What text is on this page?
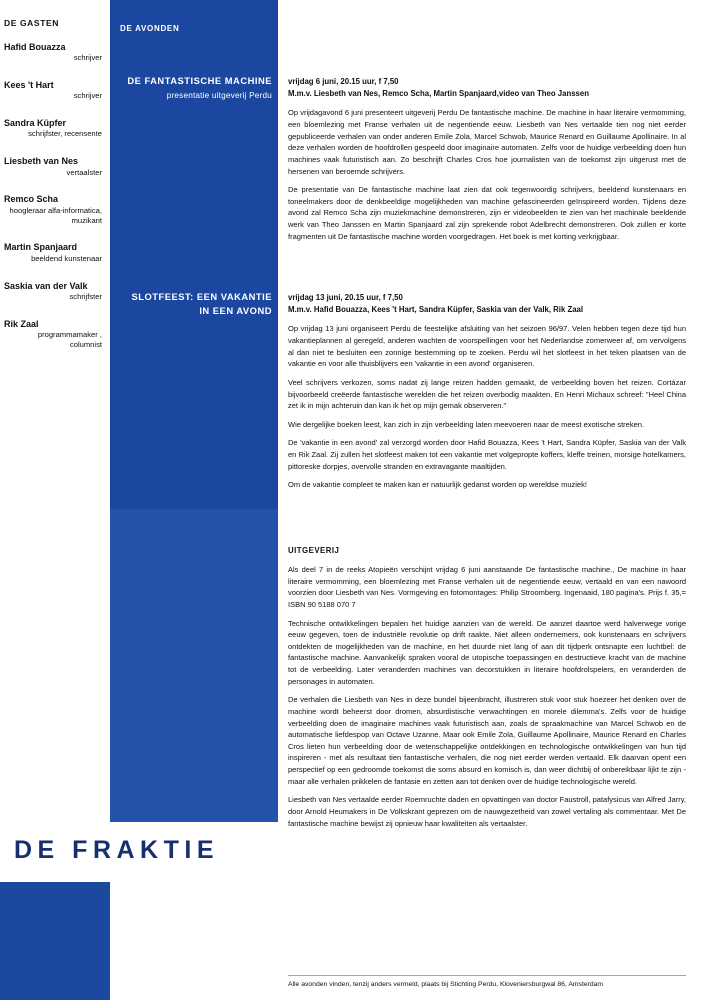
DE GASTEN
Hafid Bouazza
schrijver
Kees 't Hart
schrijver
Sandra Küpfer
schrijfster, recensente
Liesbeth van Nes
vertaalster
Remco Scha
hoogleraar alfa-informatica, muzikant
Martin Spanjaard
beeldend kunstenaar
Saskia van der Valk
schrijfster
Rik Zaal
programmamaker , columnist
DE AVONDEN
DE FANTASTISCHE MACHINE
presentatie uitgeverij Perdu
SLOTFEEST: EEN VAKANTIE IN EEN AVOND
DE FRAKTIE
vrijdag 6 juni, 20.15 uur, f 7,50
M.m.v. Liesbeth van Nes, Remco Scha, Martin Spanjaard,video van Theo Janssen

Op vrijdagavond 6 juni presenteert uitgeverij Perdu De fantastische machine. De machine in haar literaire vermomming, een bloemlezing met Franse verhalen uit de negentiende eeuw. Liesbeth van Nes vertaalde tien nog niet eerder gepubliceerde verhalen van onder anderen Emile Zola, Marcel Schwob, Maurice Renard en Guillaume Apollinaire. In al deze verhalen worden de hoofdrollen gespeeld door imaginaire automaten. Zelfs voor de huidige verbeelding doen hun machines vaak futuristisch aan. Zo beschrijft Charles Cros hoe journalisten van de toekomst zijn uitgerust met de hersenen van beroemde schrijvers.

De presentatie van De fantastische machine laat zien dat ook tegenwoordig schrijvers, beeldend kunstenaars en toneelmakers door de denkbeeldige mogelijkheden van machine gefascineerden geïnspireerd worden. Tijdens deze avond zal Remco Scha zijn muziekmachine demonstreren, zijn er videobeelden te zien van het machinale beeldende werk van Theo Janssen en Martin Spanjaard zal zijn sprekende robot Adelbrecht demonstreren. Ook zullen er korte fragmenten uit De fantastische machine worden voorgedragen. Het boek is met korting verkrijgbaar.

vrijdag 13 juni, 20.15 uur, f 7,50
M.m.v. Hafid Bouazza, Kees 't Hart, Sandra Küpfer, Saskia van der Valk, Rik Zaal

Op vrijdag 13 juni organiseert Perdu de feestelijke afsluiting van het seizoen 96/97. Velen hebben tegen deze tijd hun vakantieplannen al geregeld, anderen wachten de voorspellingen voor het Nederlandse zomerweer af, om vervolgens al dan niet te besluiten een zonnige bestemming op te zoeken. Perdu wil het slotfeest in het teken plaatsen van de vakantie en voor alle thuisblijvers een 'vakantie in een avond' organiseren.

Veel schrijvers verkozen, soms nadat zij lange reizen hadden gemaakt, de verbeelding boven het reizen. Cortázar bijvoorbeeld creëerde fantastische werelden die het reizen overbodig maakten. En Henri Michaux schreef: "Heel China zet ik in mijn achteruin dan kan ik het op mijn gemak observeren."

Wie dergelijke boeken leest, kan zich in zijn verbeelding laten meevoeren naar de meest exotische streken.

De 'vakantie in een avond' zal verzorgd worden door Hafid Bouazza, Kees 't Hart, Sandra Küpfer, Saskia van der Valk en Rik Zaal. Zij zullen het slotfeest maken tot een vakantie met volgepropte koffers, kleffe treinen, morsige hotelkamers, pittoreske dorpjes, overvolle stranden en extravagante maaltijden.

Om de vakantie compleet te maken kan er natuurlijk gedanst worden op wereldse muziek!

UITGEVERIJ

Als deel 7 in de reeks Atopieën verschijnt vrijdag 6 juni aanstaande De fantastische machine., De machine in haar literaire vermomming, een bloemlezing met Franse verhalen uit de negentiende eeuw, vertaald en van een nawoord voorzien door Liesbeth van Nes. Vormgeving en fotomontages: Philip Stroomberg. Ingenaaid, 180 pagina's. Prijs f. 35,= ISBN 90 5188 070 7

Technische ontwikkelingen bepalen het huidige aanzien van de wereld. De aanzet daartoe werd halverwege vorige eeuw gegeven, toen de industriële revolutie op drift raakte. Niet alleen ondernemers, ook kunstenaars en schrijvers ontdekten de mogelijkheden van de machine, en het duurde niet lang of aan dit tijdperk ontsnapte een luchtbel: de fantastische machine. Aanvankelijk spraken vooral de utopische toepassingen en destructieve kracht van de machine tot de verbeelding. Later veranderden machines van decorstukken in literaire hoofdrolspelers, en veranderden de personages in automaten.

De verhalen die Liesbeth van Nes in deze bundel bijeenbracht, illustreren stuk voor stuk hoezeer het denken over de machine wordt beheerst door dromen, absurdistische verwachtingen en morele dilemma's. Zelfs voor de huidige verbeelding doen de imaginaire machines vaak futuristisch aan, zoals de spraakmachine van Marcel Schwob en de automatische liefdespop van Octave Uzanne. Maar ook Emile Zola, Guillaume Apollinaire, Maurice Renard en Charles Cros lieten hun verbeelding door de wetenschappelijke ontdekkingen en technologische ontwikkelingen van hun tijd inspireren - met als resultaat tien fantastische verhalen, die nog niet eerder werden vertaald. Elk daarvan opent een perspectief op een gedroomde toekomst die soms absurd en komisch is, dan weer dichtbij of onbereikbaar lijkt te zijn - maar alle verhalen prikkelen de fantasie en zetten aan tot denken over de huidige technologische wereld.

Liesbeth van Nes vertaalde eerder Roemruchte daden en opvattingen van doctor Faustroll, patafysicus van Alfred Jarry, door Arnold Heumakers in De Volkskrant geprezen om de nauwgezetheid van zowel vertaling als commentaar. Met De fantastische machine bewijst zij opnieuw haar kwaliteiten als vertaalster.

Alle avonden vinden, tenzij anders vermeld, plaats bij Stichting Perdu, Kloveniersburgwal 86, Amsterdam
